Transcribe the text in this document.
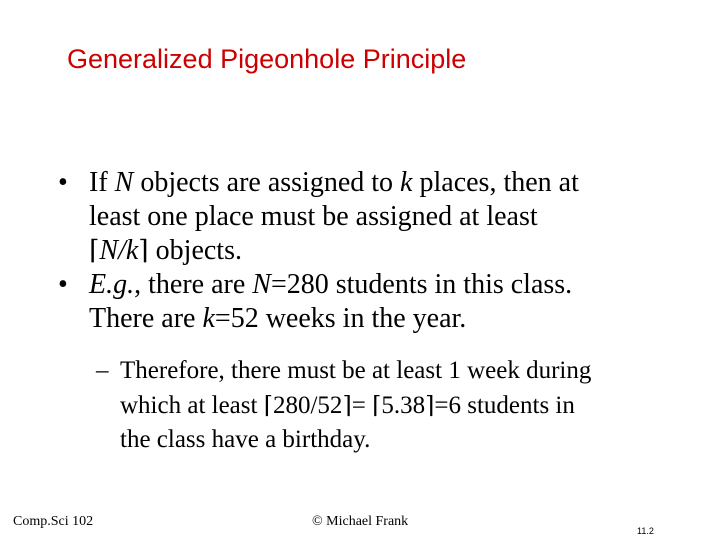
Generalized Pigeonhole Principle
• If N objects are assigned to k places, then at
least one place must be assigned at least
⌈N/k⌉ objects.
• E.g., there are N=280 students in this class.
There are k=52 weeks in the year.
– Therefore, there must be at least 1 week during
which at least ⌈280/52⌉= ⌈5.38⌉=6 students in
the class have a birthday.
Comp.Sci 102	© Michael Frank
11.2
